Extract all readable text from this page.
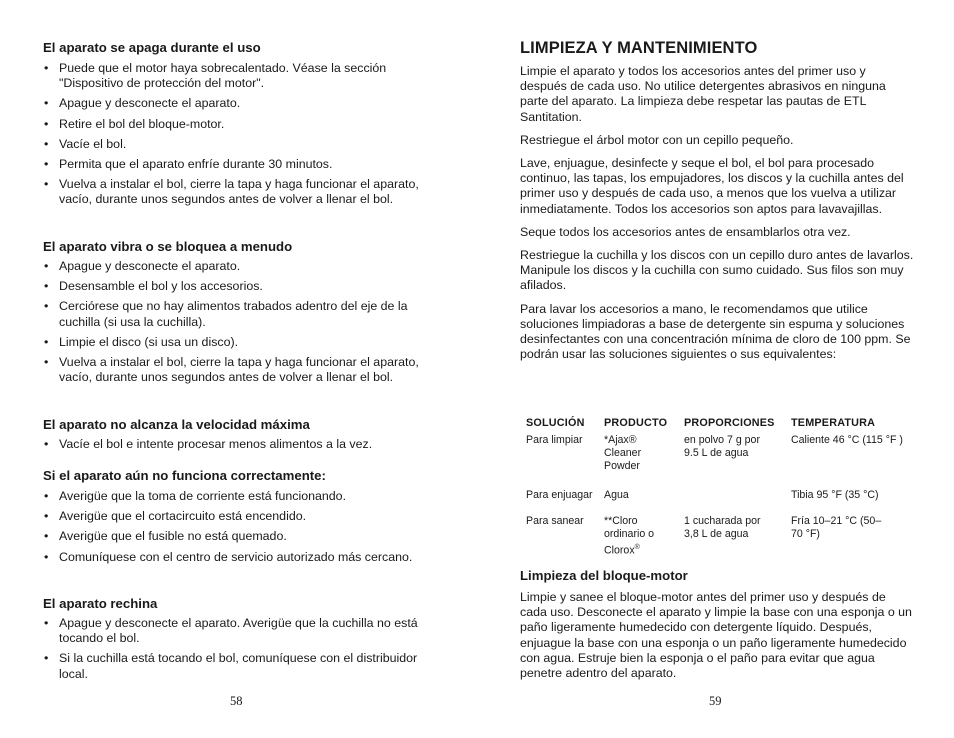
El aparato se apaga durante el uso
• Puede que el motor haya sobrecalentado. Véase la sección "Dispositivo de protección del motor".
• Apague y desconecte el aparato.
• Retire el bol del bloque-motor.
• Vacíe el bol.
• Permita que el aparato enfríe durante 30 minutos.
• Vuelva a instalar el bol, cierre la tapa y haga funcionar el aparato, vacío, durante unos segundos antes de volver a llenar el bol.
El aparato vibra o se bloquea a menudo
• Apague y desconecte el aparato.
• Desensamble el bol y los accesorios.
• Cerciórese que no hay alimentos trabados adentro del eje de la cuchilla (si usa la cuchilla).
• Limpie el disco (si usa un disco).
• Vuelva a instalar el bol, cierre la tapa y haga funcionar el aparato, vacío, durante unos segundos antes de volver a llenar el bol.
El aparato no alcanza la velocidad máxima
• Vacíe el bol e intente procesar menos alimentos a la vez.
Si el aparato aún no funciona correctamente:
• Averigüe que la toma de corriente está funcionando.
• Averigüe que el cortacircuito está encendido.
• Averigüe que el fusible no está quemado.
• Comuníquese con el centro de servicio autorizado más cercano.
El aparato rechina
• Apague y desconecte el aparato. Averigüe que la cuchilla no está tocando el bol.
• Si la cuchilla está tocando el bol, comuníquese con el distribuidor local.
58
LIMPIEZA Y MANTENIMIENTO

Limpie el aparato y todos los accesorios antes del primer uso y después de cada uso. No utilice detergentes abrasivos en ninguna parte del aparato. La limpieza debe respetar las pautas de ETL Santitation.

Restriegue el árbol motor con un cepillo pequeño.

Lave, enjuague, desinfecte y seque el bol, el bol para procesado continuo, las tapas, los empujadores, los discos y la cuchilla antes del primer uso y después de cada uso, a menos que los vuelva a utilizar inmediatamente. Todos los accesorios son aptos para lavavajillas.

Seque todos los accesorios antes de ensamblarlos otra vez.

Restriegue la cuchilla y los discos con un cepillo duro antes de lavarlos. Manipule los discos y la cuchilla con sumo cuidado. Sus filos son muy afilados.

Para lavar los accesorios a mano, le recomendamos que utilice soluciones limpiadoras a base de detergente sin espuma y soluciones desinfectantes con una concentración mínima de cloro de 100 ppm. Se podrán usar las soluciones siguientes o sus equivalentes:

SOLUCIÓN	PRODUCTO	PROPORCIONES	TEMPERATURA
Para limpiar	*Ajax® Cleaner Powder	en polvo 7 g por 9.5 L de agua	Caliente 46 °C (115 °F )
Para enjuagar	Agua		Tibia 95 °F (35 °C)
Para sanear	**Cloro ordinario o Clorox®	1 cucharada por 3,8 L de agua	Fría 10–21 °C (50–70 °F)
Limpieza del bloque-motor

Limpie y sanee el bloque-motor antes del primer uso y después de cada uso. Desconecte el aparato y limpie la base con una esponja o un paño ligeramente humedecido con detergente líquido. Después, enjuague la base con una esponja o un paño ligeramente humedecido con agua. Estruje bien la esponja o el paño para evitar que agua penetre adentro del aparato.

59
